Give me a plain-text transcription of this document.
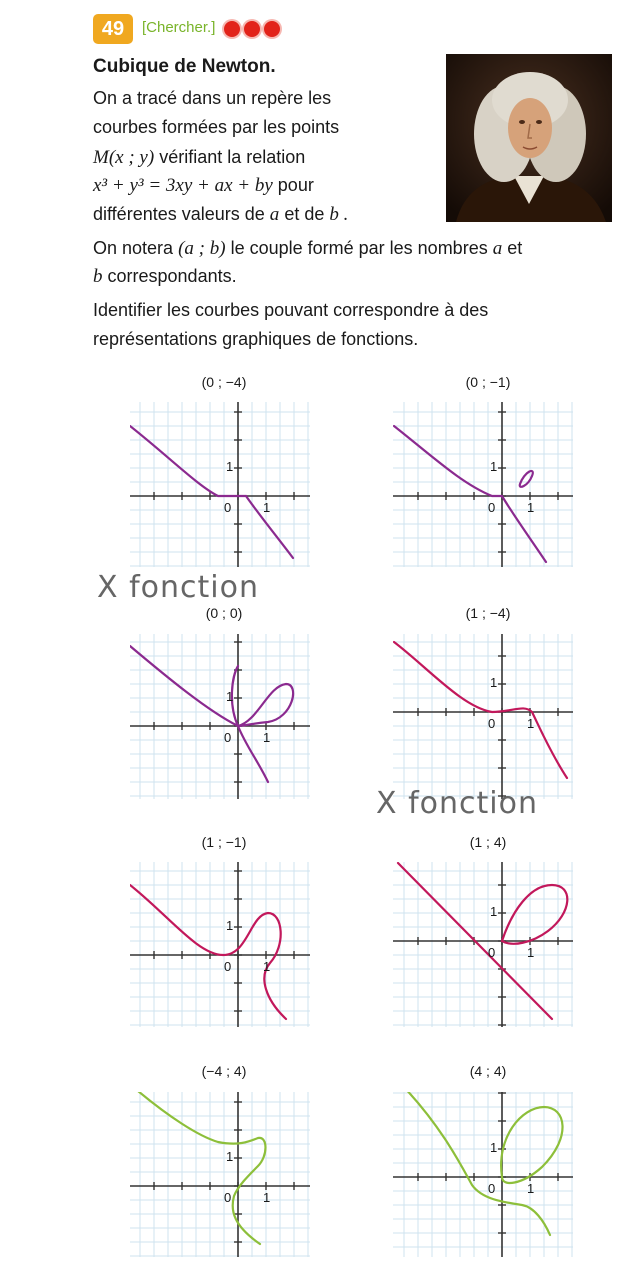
49	[Chercher.]
Cubique de Newton.
On a tracé dans un repère les
courbes formées par les points
M(x ; y) vérifiant la relation
x³ + y³ = 3xy + ax + by pour
différentes valeurs de a et de b .
On notera (a ; b) le couple formé par les nombres a et
b correspondants.
Identifier les courbes pouvant correspondre à des
représentations graphiques de fonctions.
(0 ; −4)
0 1
1
(0 ; −1)
0 1
1
(0 ; 0)
0 1
1
(1 ; −4)
0 1
1
(1 ; −1)
0 1
1
(1 ; 4)
0 1
1
(−4 ; 4)
0 1
1
(4 ; 4)
0 1
1
X fonction
X fonction
